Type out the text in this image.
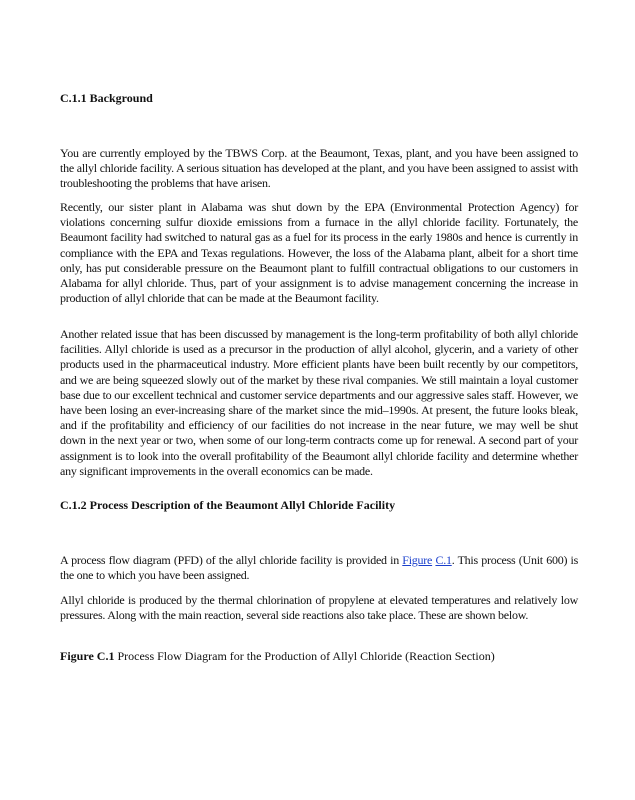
C.1.1 Background

You are currently employed by the TBWS Corp. at the Beaumont, Texas, plant, and you have been assigned to the allyl chloride facility. A serious situation has developed at the plant, and you have been assigned to assist with troubleshooting the problems that have arisen.

Recently, our sister plant in Alabama was shut down by the EPA (Environmental Protection Agency) for violations concerning sulfur dioxide emissions from a furnace in the allyl chloride facility. Fortunately, the Beaumont facility had switched to natural gas as a fuel for its process in the early 1980s and hence is currently in compliance with the EPA and Texas regulations. However, the loss of the Alabama plant, albeit for a short time only, has put considerable pressure on the Beaumont plant to fulfill contractual obligations to our customers in Alabama for allyl chloride. Thus, part of your assignment is to advise management concerning the increase in production of allyl chloride that can be made at the Beaumont facility.

Another related issue that has been discussed by management is the long-term profitability of both allyl chloride facilities. Allyl chloride is used as a precursor in the production of allyl alcohol, glycerin, and a variety of other products used in the pharmaceutical industry. More efficient plants have been built recently by our competitors, and we are being squeezed slowly out of the market by these rival companies. We still maintain a loyal customer base due to our excellent technical and customer service departments and our aggressive sales staff. However, we have been losing an ever-increasing share of the market since the mid–1990s. At present, the future looks bleak, and if the profitability and efficiency of our facilities do not increase in the near future, we may well be shut down in the next year or two, when some of our long-term contracts come up for renewal. A second part of your assignment is to look into the overall profitability of the Beaumont allyl chloride facility and determine whether any significant improvements in the overall economics can be made.

C.1.2 Process Description of the Beaumont Allyl Chloride Facility

A process flow diagram (PFD) of the allyl chloride facility is provided in Figure C.1. This process (Unit 600) is the one to which you have been assigned.

Allyl chloride is produced by the thermal chlorination of propylene at elevated temperatures and relatively low pressures. Along with the main reaction, several side reactions also take place. These are shown below.

Figure C.1 Process Flow Diagram for the Production of Allyl Chloride (Reaction Section)
